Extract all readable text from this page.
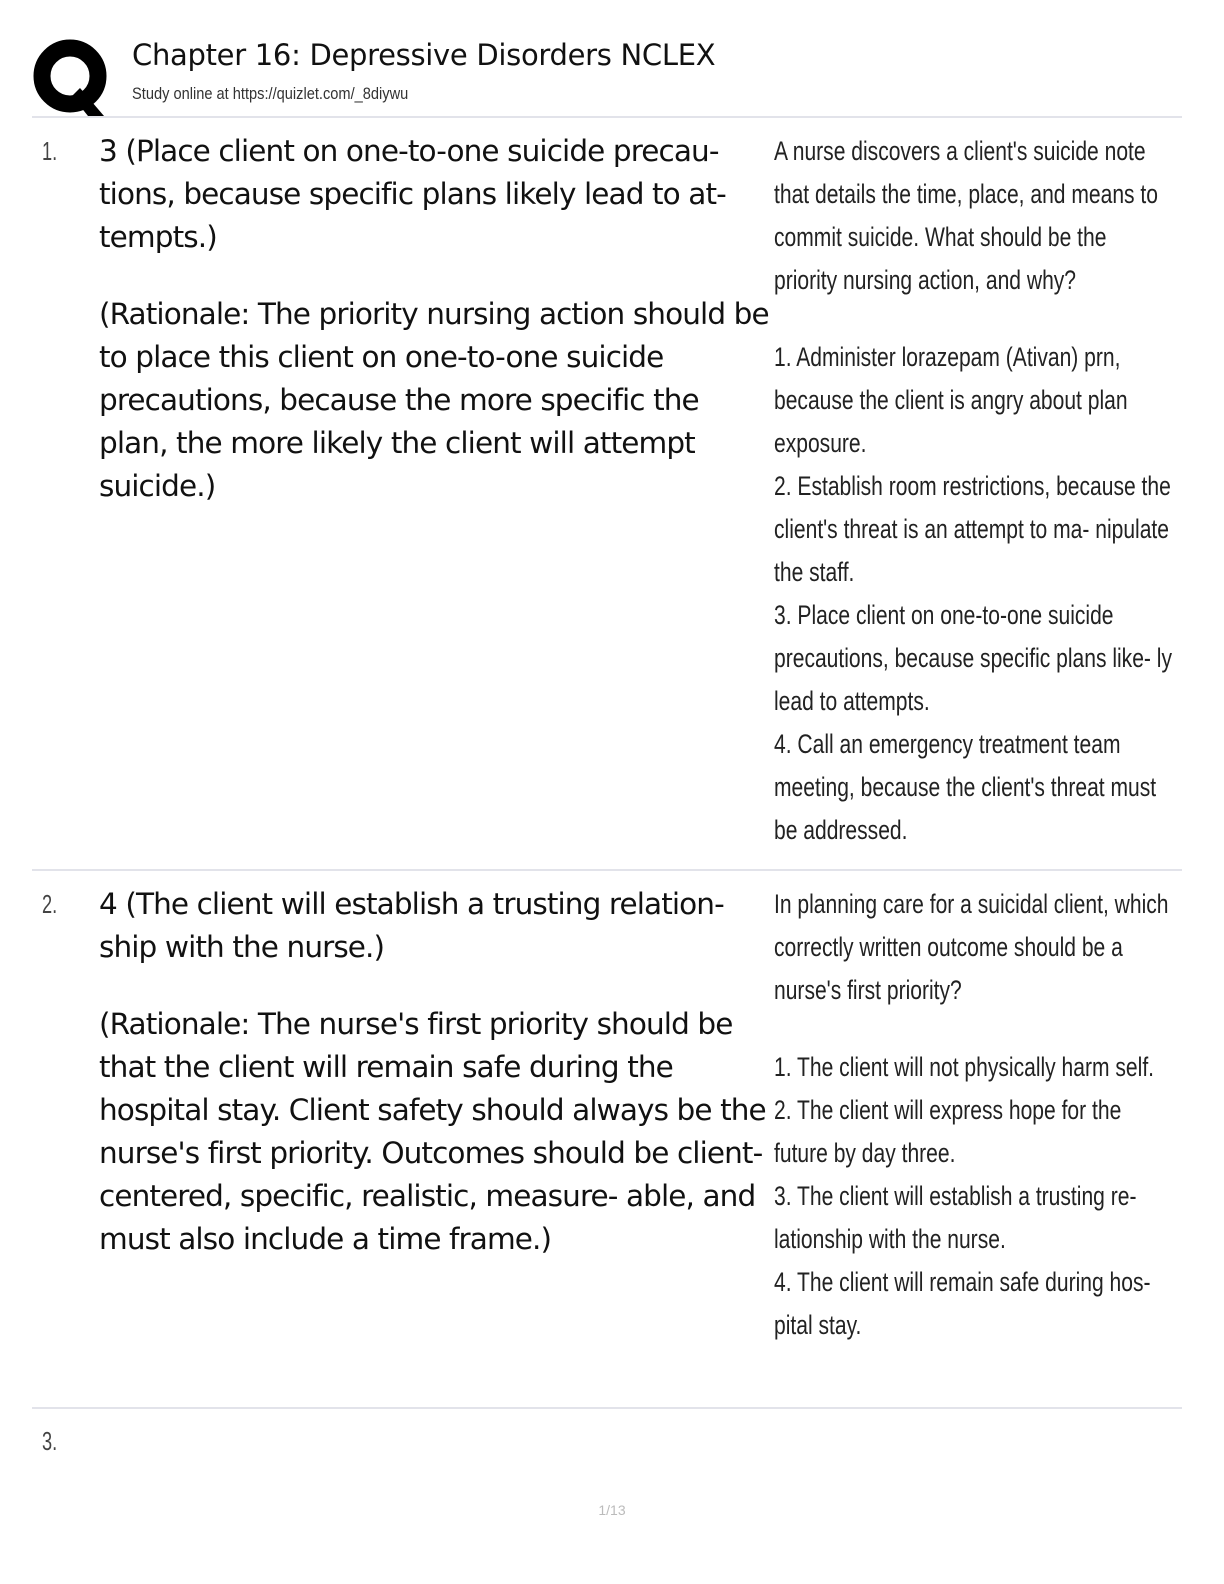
Chapter 16: Depressive Disorders NCLEX
Study online at https://quizlet.com/_8diywu
1. 3 (Place client on one-to-one suicide precau- tions, because specific plans likely lead to at- tempts.)

(Rationale: The priority nursing action should be to place this client on one-to-one suicide precautions, because the more specific the plan, the more likely the client will attempt suicide.)

A nurse discovers a client's suicide note that details the time, place, and means to commit suicide. What should be the priority nursing action, and why?

1. Administer lorazepam (Ativan) prn, because the client is angry about plan exposure.

2. Establish room restrictions, because the client's threat is an attempt to ma- nipulate the staff.

3. Place client on one-to-one suicide precautions, because specific plans like- ly lead to attempts.

4. Call an emergency treatment team meeting, because the client's threat must be addressed.

2. 4 (The client will establish a trusting relation- ship with the nurse.)

(Rationale: The nurse's first priority should be that the client will remain safe during the hospital stay. Client safety should always be the nurse's first priority. Outcomes should be client-centered, specific, realistic, measure- able, and must also include a time frame.)

In planning care for a suicidal client, which correctly written outcome should be a nurse's first priority?

1. The client will not physically harm self.

2. The client will express hope for the future by day three.

3. The client will establish a trusting re- lationship with the nurse.

4. The client will remain safe during hos- pital stay.

3.
1/13
